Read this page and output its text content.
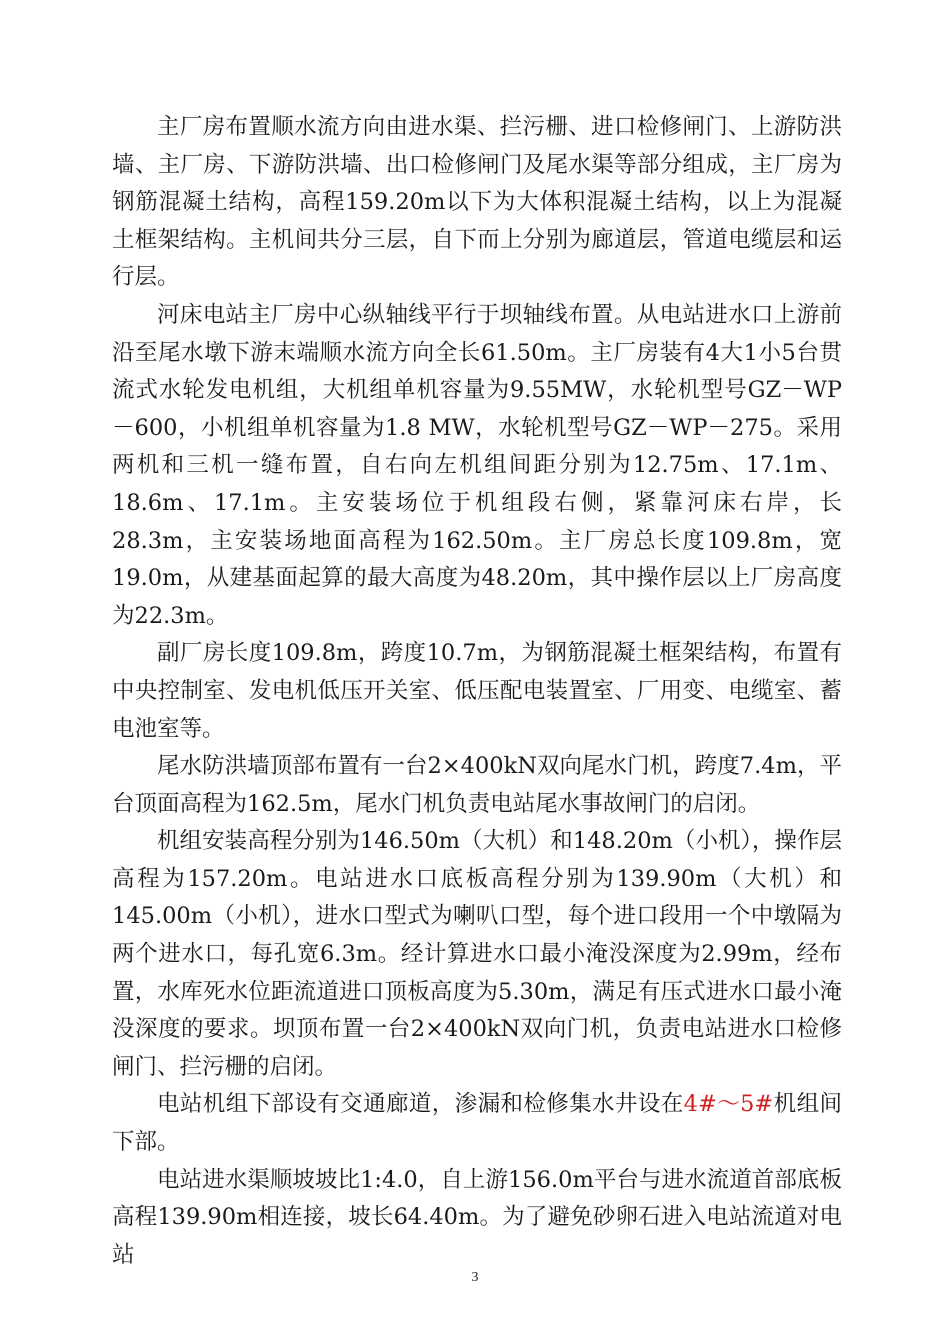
主厂房布置顺水流方向由进水渠、拦污栅、进口检修闸门、上游防洪墙、主厂房、下游防洪墙、出口检修闸门及尾水渠等部分组成，主厂房为钢筋混凝土结构，高程159.20m以下为大体积混凝土结构，以上为混凝土框架结构。主机间共分三层，自下而上分别为廊道层，管道电缆层和运行层。

河床电站主厂房中心纵轴线平行于坝轴线布置。从电站进水口上游前沿至尾水墩下游末端顺水流方向全长61.50m。主厂房装有4大1小5台贯流式水轮发电机组，大机组单机容量为9.55MW，水轮机型号GZ－WP－600，小机组单机容量为1.8 MW，水轮机型号GZ－WP－275。采用两机和三机一缝布置，自右向左机组间距分别为12.75m、17.1m、18.6m、17.1m。主安装场位于机组段右侧，紧靠河床右岸，长28.3m，主安装场地面高程为162.50m。主厂房总长度109.8m，宽19.0m，从建基面起算的最大高度为48.20m，其中操作层以上厂房高度为22.3m。

副厂房长度109.8m，跨度10.7m，为钢筋混凝土框架结构，布置有中央控制室、发电机低压开关室、低压配电装置室、厂用变、电缆室、蓄电池室等。

尾水防洪墙顶部布置有一台2×400kN双向尾水门机，跨度7.4m，平台顶面高程为162.5m，尾水门机负责电站尾水事故闸门的启闭。

机组安装高程分别为146.50m（大机）和148.20m（小机），操作层高程为157.20m。电站进水口底板高程分别为139.90m（大机）和145.00m（小机），进水口型式为喇叭口型，每个进口段用一个中墩隔为两个进水口，每孔宽6.3m。经计算进水口最小淹没深度为2.99m，经布置，水库死水位距流道进口顶板高度为5.30m，满足有压式进水口最小淹没深度的要求。坝顶布置一台2×400kN双向门机，负责电站进水口检修闸门、拦污栅的启闭。

电站机组下部设有交通廊道，渗漏和检修集水井设在4#～5#机组间下部。

电站进水渠顺坡坡比1:4.0，自上游156.0m平台与进水流道首部底板高程139.90m相连接，坡长64.40m。为了避免砂卵石进入电站流道对电站

3
